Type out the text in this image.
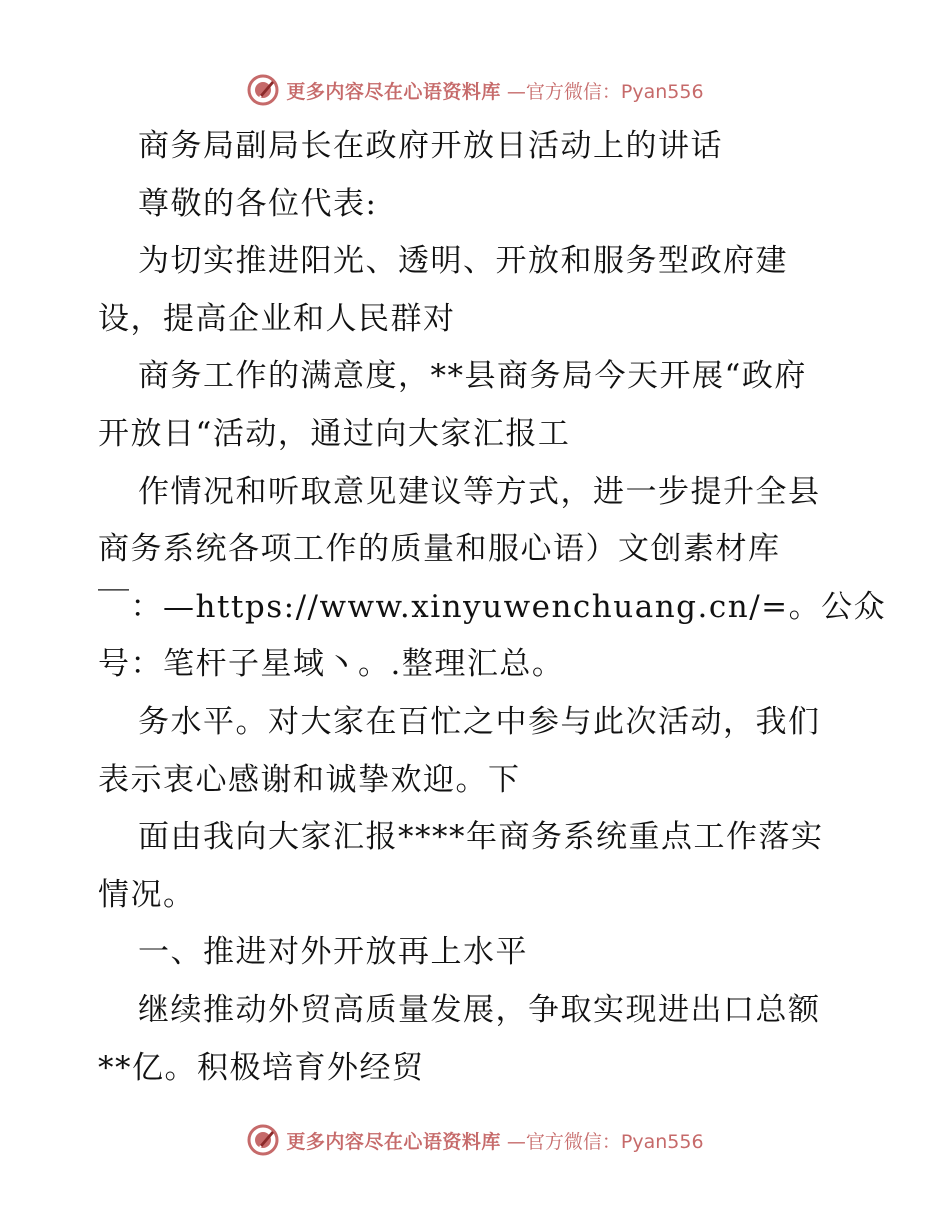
更多内容尽在心语资料库 —官方微信：Pyan556

商务局副局长在政府开放日活动上的讲话

尊敬的各位代表:

为切实推进阳光、透明、开放和服务型政府建

设，提高企业和人民群对

商务工作的满意度，**县商务局今天开展“政府

开放日“活动，通过向大家汇报工

作情况和听取意见建议等方式，进一步提升全县

商务系统各项工作的质量和服心语）文创素材库

￣：—https://www.xinyuwenchuang.cn/=。公众

号：笔杆子星域丶。.整理汇总。

务水平。对大家在百忙之中参与此次活动，我们

表示衷心感谢和诚挚欢迎。下

面由我向大家汇报****年商务系统重点工作落实

情况。

一、推进对外开放再上水平

继续推动外贸高质量发展，争取实现进出口总额

**亿。积极培育外经贸

更多内容尽在心语资料库 —官方微信：Pyan556
